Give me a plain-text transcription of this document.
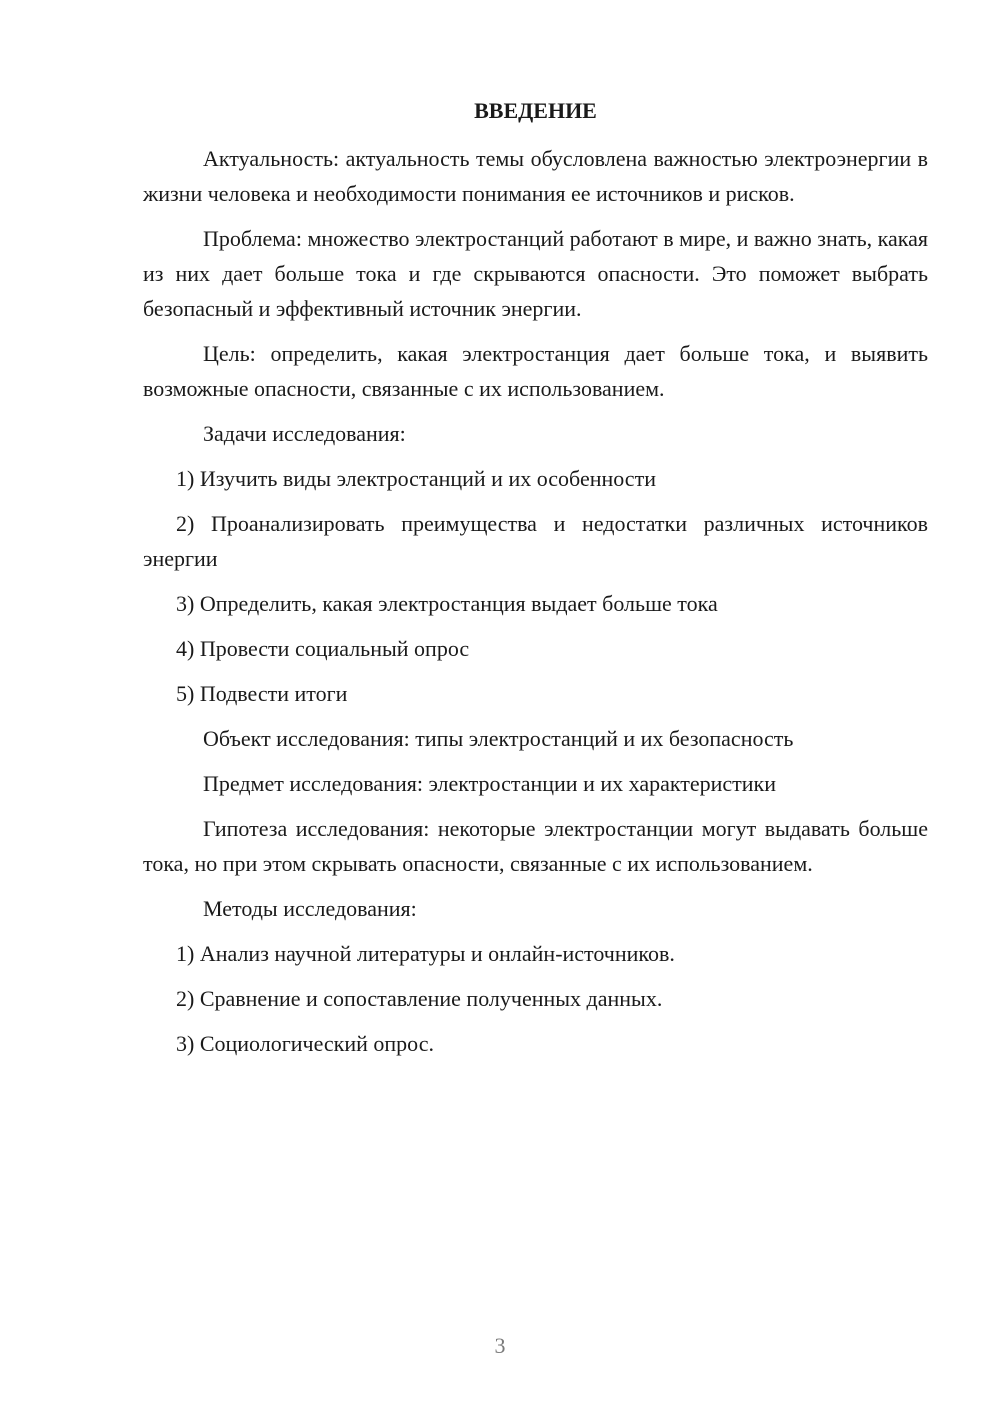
ВВЕДЕНИЕ

Актуальность: актуальность темы обусловлена важностью электроэнергии в жизни человека и необходимости понимания ее источников и рисков.

Проблема: множество электростанций работают в мире, и важно знать, какая из них дает больше тока и где скрываются опасности. Это поможет выбрать безопасный и эффективный источник энергии.

Цель: определить, какая электростанция дает больше тока, и выявить возможные опасности, связанные с их использованием.

Задачи исследования:

1) Изучить виды электростанций и их особенности

2) Проанализировать преимущества и недостатки различных источников энергии

3) Определить, какая электростанция выдает больше тока

4) Провести социальный опрос

5) Подвести итоги

Объект исследования: типы электростанций и их безопасность

Предмет исследования: электростанции и их характеристики

Гипотеза исследования: некоторые электростанции могут выдавать больше тока, но при этом скрывать опасности, связанные с их использованием.

Методы исследования:

1) Анализ научной литературы и онлайн-источников.

2) Сравнение и сопоставление полученных данных.

3) Социологический опрос.

3
